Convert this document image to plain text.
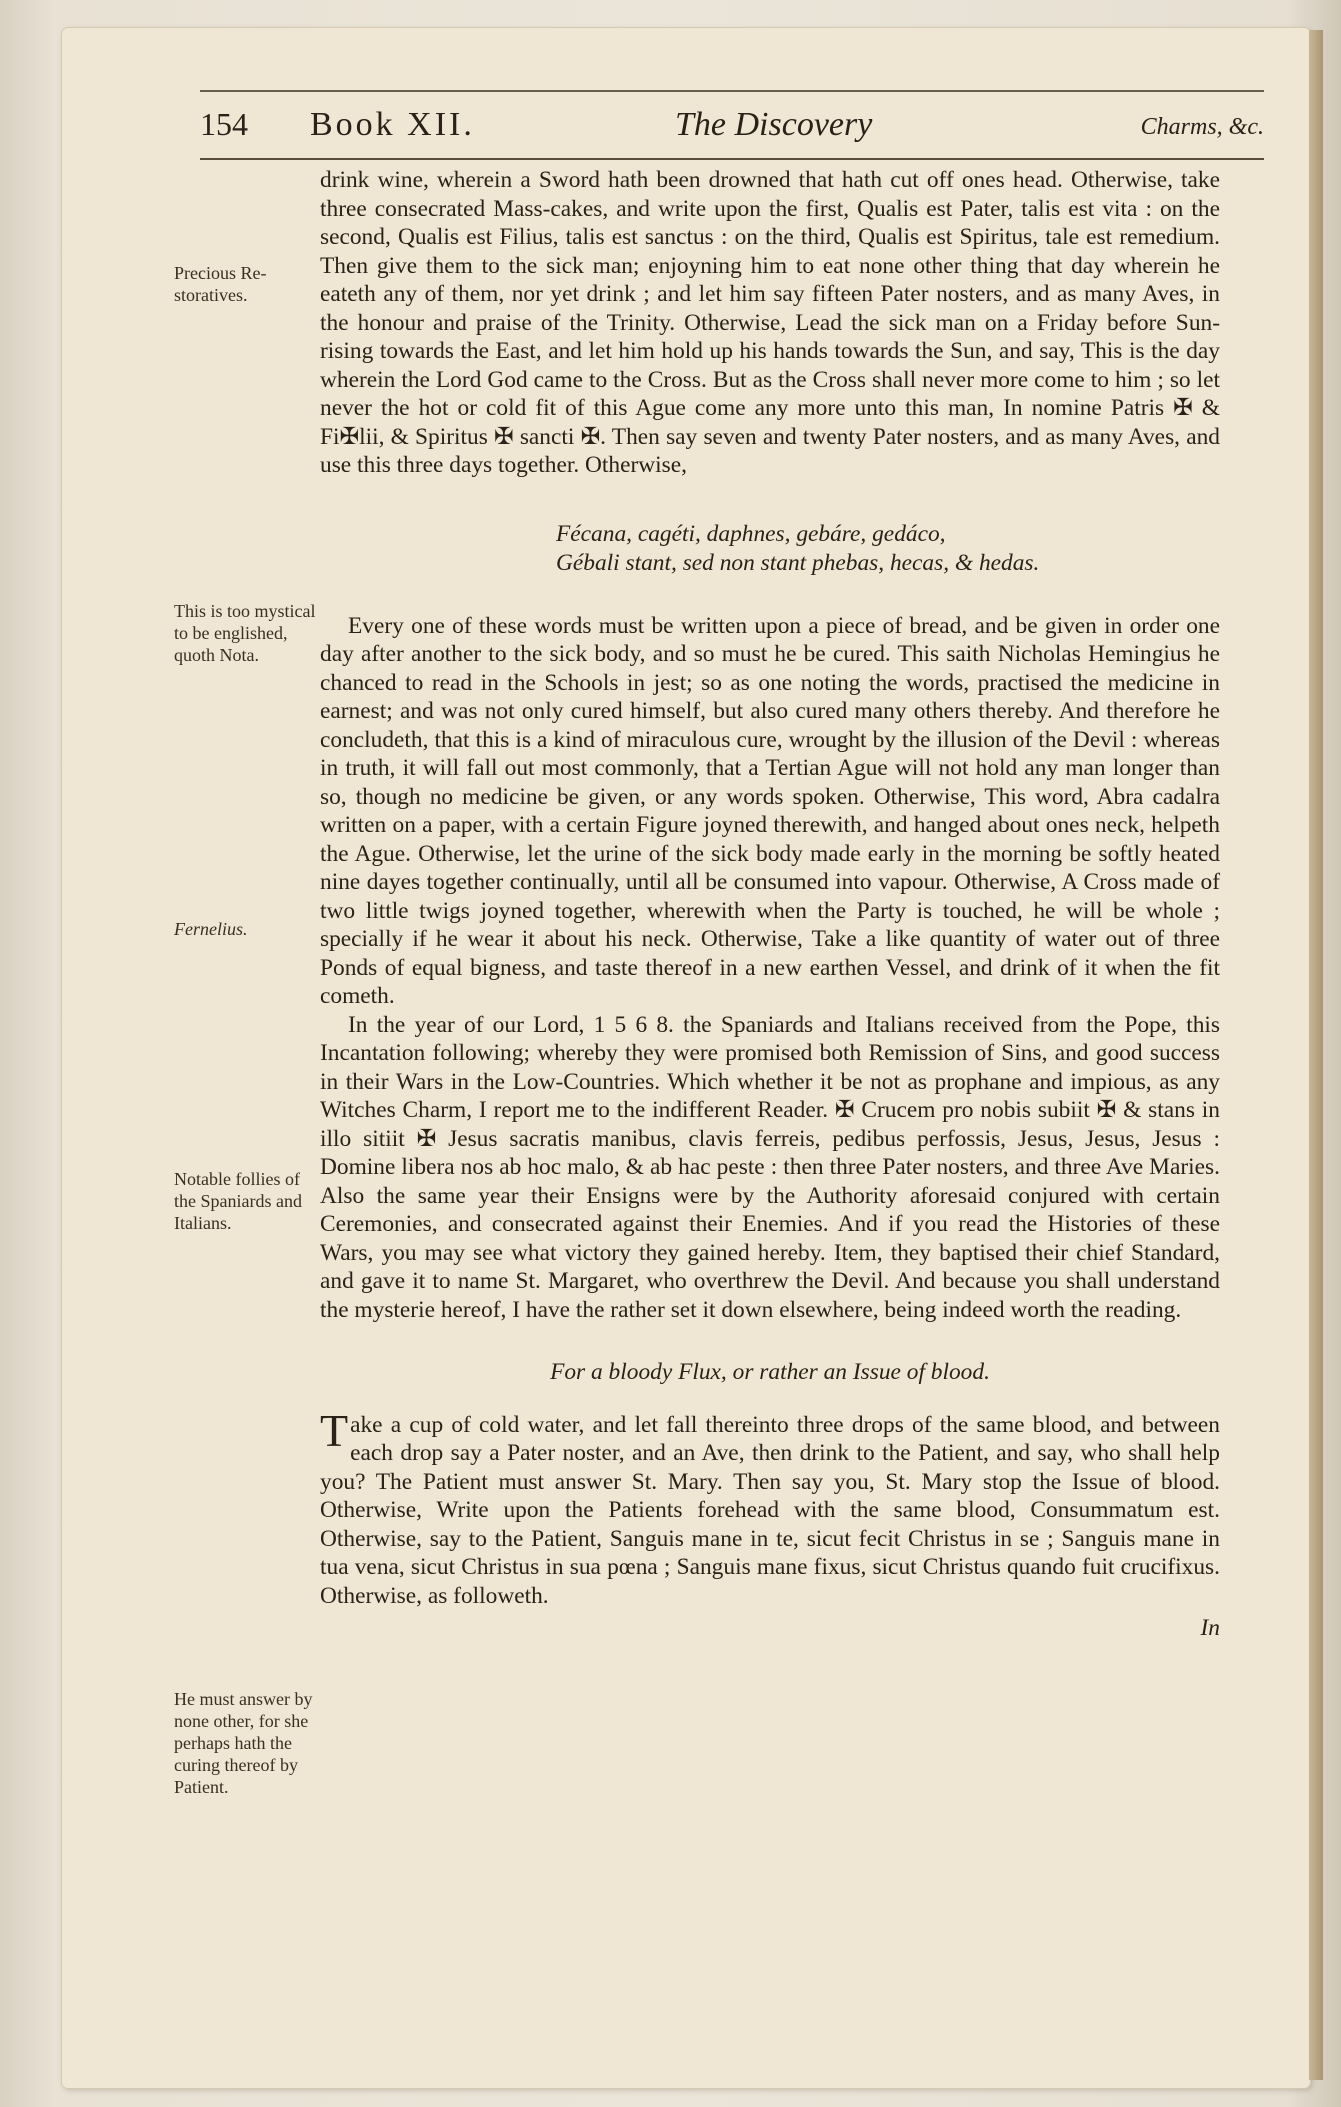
154 Book XII.	The Discovery	Charms, &c.
Precious Re-storatives.
This is too mystical to be englished, quoth Nota.
Fernelius.
Notable follies of the Spaniards and Italians.
He must answer by none other, for she perhaps hath the curing thereof by Patient.

drink wine, wherein a Sword hath been drowned that hath cut off ones head. Otherwise, take three consecrated Mass-cakes, and write upon the first, Qualis est Pater, talis est vita : on the second, Qualis est Filius, talis est sanctus : on the third, Qualis est Spiritus, tale est remedium. Then give them to the sick man; enjoyning him to eat none other thing that day wherein he eateth any of them, nor yet drink ; and let him say fifteen Pater nosters, and as many Aves, in the honour and praise of the Trinity. Otherwise, Lead the sick man on a Friday before Sun-rising towards the East, and let him hold up his hands towards the Sun, and say, This is the day wherein the Lord God came to the Cross. But as the Cross shall never more come to him ; so let never the hot or cold fit of this Ague come any more unto this man, In nomine Patris ✠ & Fi✠lii, & Spiritus ✠ sancti ✠. Then say seven and twenty Pater nosters, and as many Aves, and use this three days together. Otherwise,

Fécana, cagéti, daphnes, gebáre, gedáco,
Gébali stant, sed non stant phebas, hecas, & hedas.

Every one of these words must be written upon a piece of bread, and be given in order one day after another to the sick body, and so must he be cured. This saith Nicholas Hemingius he chanced to read in the Schools in jest; so as one noting the words, practised the medicine in earnest; and was not only cured himself, but also cured many others thereby. And therefore he concludeth, that this is a kind of miraculous cure, wrought by the illusion of the Devil : whereas in truth, it will fall out most commonly, that a Tertian Ague will not hold any man longer than so, though no medicine be given, or any words spoken. Otherwise, This word, Abra cadalra written on a paper, with a certain Figure joyned therewith, and hanged about ones neck, helpeth the Ague. Otherwise, let the urine of the sick body made early in the morning be softly heated nine dayes together continually, until all be consumed into vapour. Otherwise, A Cross made of two little twigs joyned together, wherewith when the Party is touched, he will be whole ; specially if he wear it about his neck. Otherwise, Take a like quantity of water out of three Ponds of equal bigness, and taste thereof in a new earthen Vessel, and drink of it when the fit cometh.

In the year of our Lord, 1 5 6 8. the Spaniards and Italians received from the Pope, this Incantation following; whereby they were promised both Remission of Sins, and good success in their Wars in the Low-Countries. Which whether it be not as prophane and impious, as any Witches Charm, I report me to the indifferent Reader. ✠ Crucem pro nobis subiit ✠ & stans in illo sitiit ✠ Jesus sacratis manibus, clavis ferreis, pedibus perfossis, Jesus, Jesus, Jesus : Domine libera nos ab hoc malo, & ab hac peste : then three Pater nosters, and three Ave Maries. Also the same year their Ensigns were by the Authority aforesaid conjured with certain Ceremonies, and consecrated against their Enemies. And if you read the Histories of these Wars, you may see what victory they gained hereby. Item, they baptised their chief Standard, and gave it to name St. Margaret, who overthrew the Devil. And because you shall understand the mysterie hereof, I have the rather set it down elsewhere, being indeed worth the reading.

For a bloody Flux, or rather an Issue of blood.

Take a cup of cold water, and let fall thereinto three drops of the same blood, and between each drop say a Pater noster, and an Ave, then drink to the Patient, and say, who shall help you? The Patient must answer St. Mary. Then say you, St. Mary stop the Issue of blood. Otherwise, Write upon the Patients forehead with the same blood, Consummatum est. Otherwise, say to the Patient, Sanguis mane in te, sicut fecit Christus in se ; Sanguis mane in tua vena, sicut Christus in sua pœna ; Sanguis mane fixus, sicut Christus quando fuit crucifixus. Otherwise, as followeth.

In
